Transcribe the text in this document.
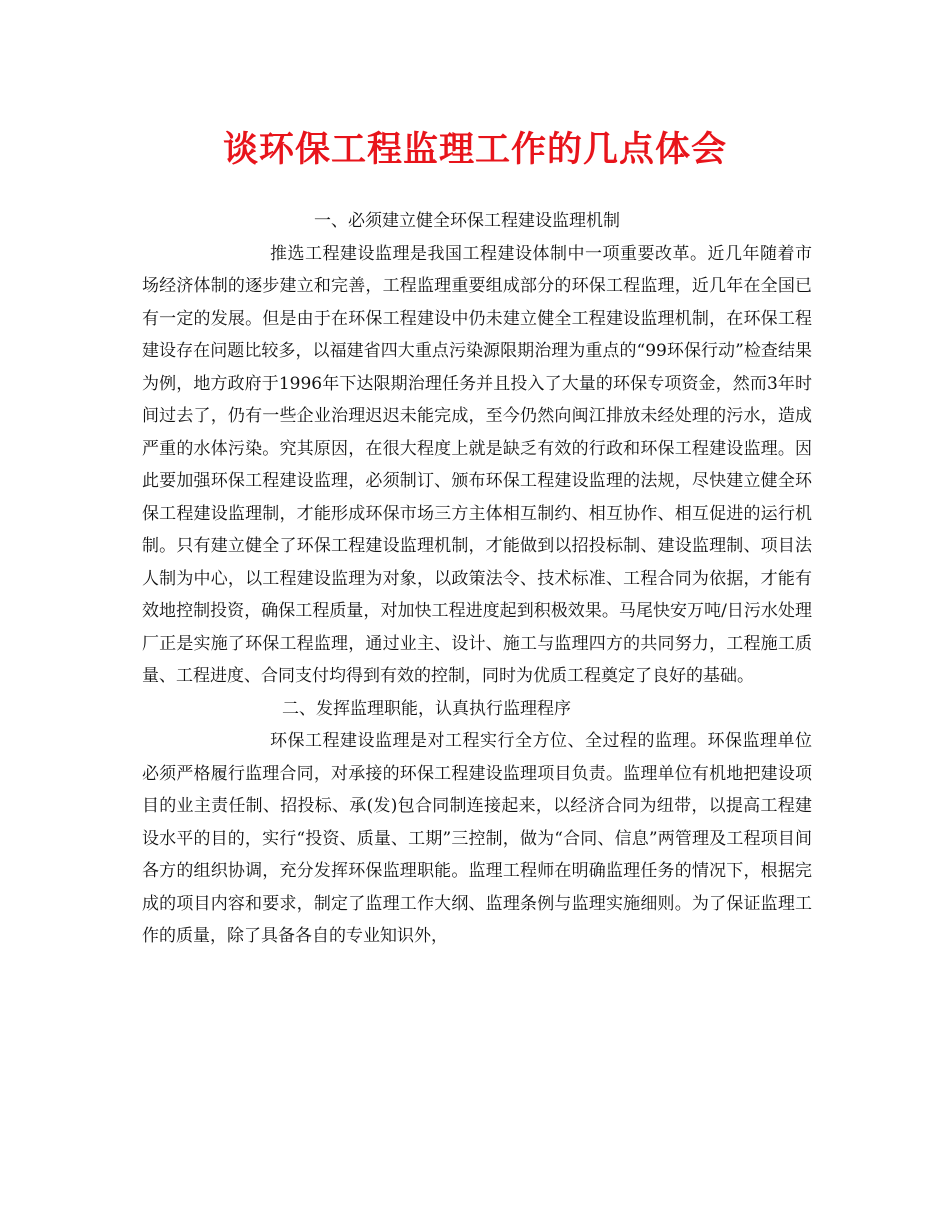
谈环保工程监理工作的几点体会

一、必须建立健全环保工程建设监理机制

推选工程建设监理是我国工程建设体制中一项重要改革。近几年随着市场经济体制的逐步建立和完善，工程监理重要组成部分的环保工程监理，近几年在全国已有一定的发展。但是由于在环保工程建设中仍未建立健全工程建设监理机制，在环保工程建设存在问题比较多，以福建省四大重点污染源限期治理为重点的“99环保行动”检查结果为例，地方政府于1996年下达限期治理任务并且投入了大量的环保专项资金，然而3年时间过去了，仍有一些企业治理迟迟未能完成，至今仍然向闽江排放未经处理的污水，造成严重的水体污染。究其原因，在很大程度上就是缺乏有效的行政和环保工程建设监理。因此要加强环保工程建设监理，必须制订、颁布环保工程建设监理的法规，尽快建立健全环保工程建设监理制，才能形成环保市场三方主体相互制约、相互协作、相互促进的运行机制。只有建立健全了环保工程建设监理机制，才能做到以招投标制、建设监理制、项目法人制为中心，以工程建设监理为对象，以政策法令、技术标准、工程合同为依据，才能有效地控制投资，确保工程质量，对加快工程进度起到积极效果。马尾快安万吨/日污水处理厂正是实施了环保工程监理，通过业主、设计、施工与监理四方的共同努力，工程施工质量、工程进度、合同支付均得到有效的控制，同时为优质工程奠定了良好的基础。

二、发挥监理职能，认真执行监理程序

环保工程建设监理是对工程实行全方位、全过程的监理。环保监理单位必须严格履行监理合同，对承接的环保工程建设监理项目负责。监理单位有机地把建设项目的业主责任制、招投标、承(发)包合同制连接起来，以经济合同为纽带，以提高工程建设水平的目的，实行“投资、质量、工期”三控制，做为“合同、信息”两管理及工程项目间各方的组织协调，充分发挥环保监理职能。监理工程师在明确监理任务的情况下，根据完成的项目内容和要求，制定了监理工作大纲、监理条例与监理实施细则。为了保证监理工作的质量，除了具备各自的专业知识外，
